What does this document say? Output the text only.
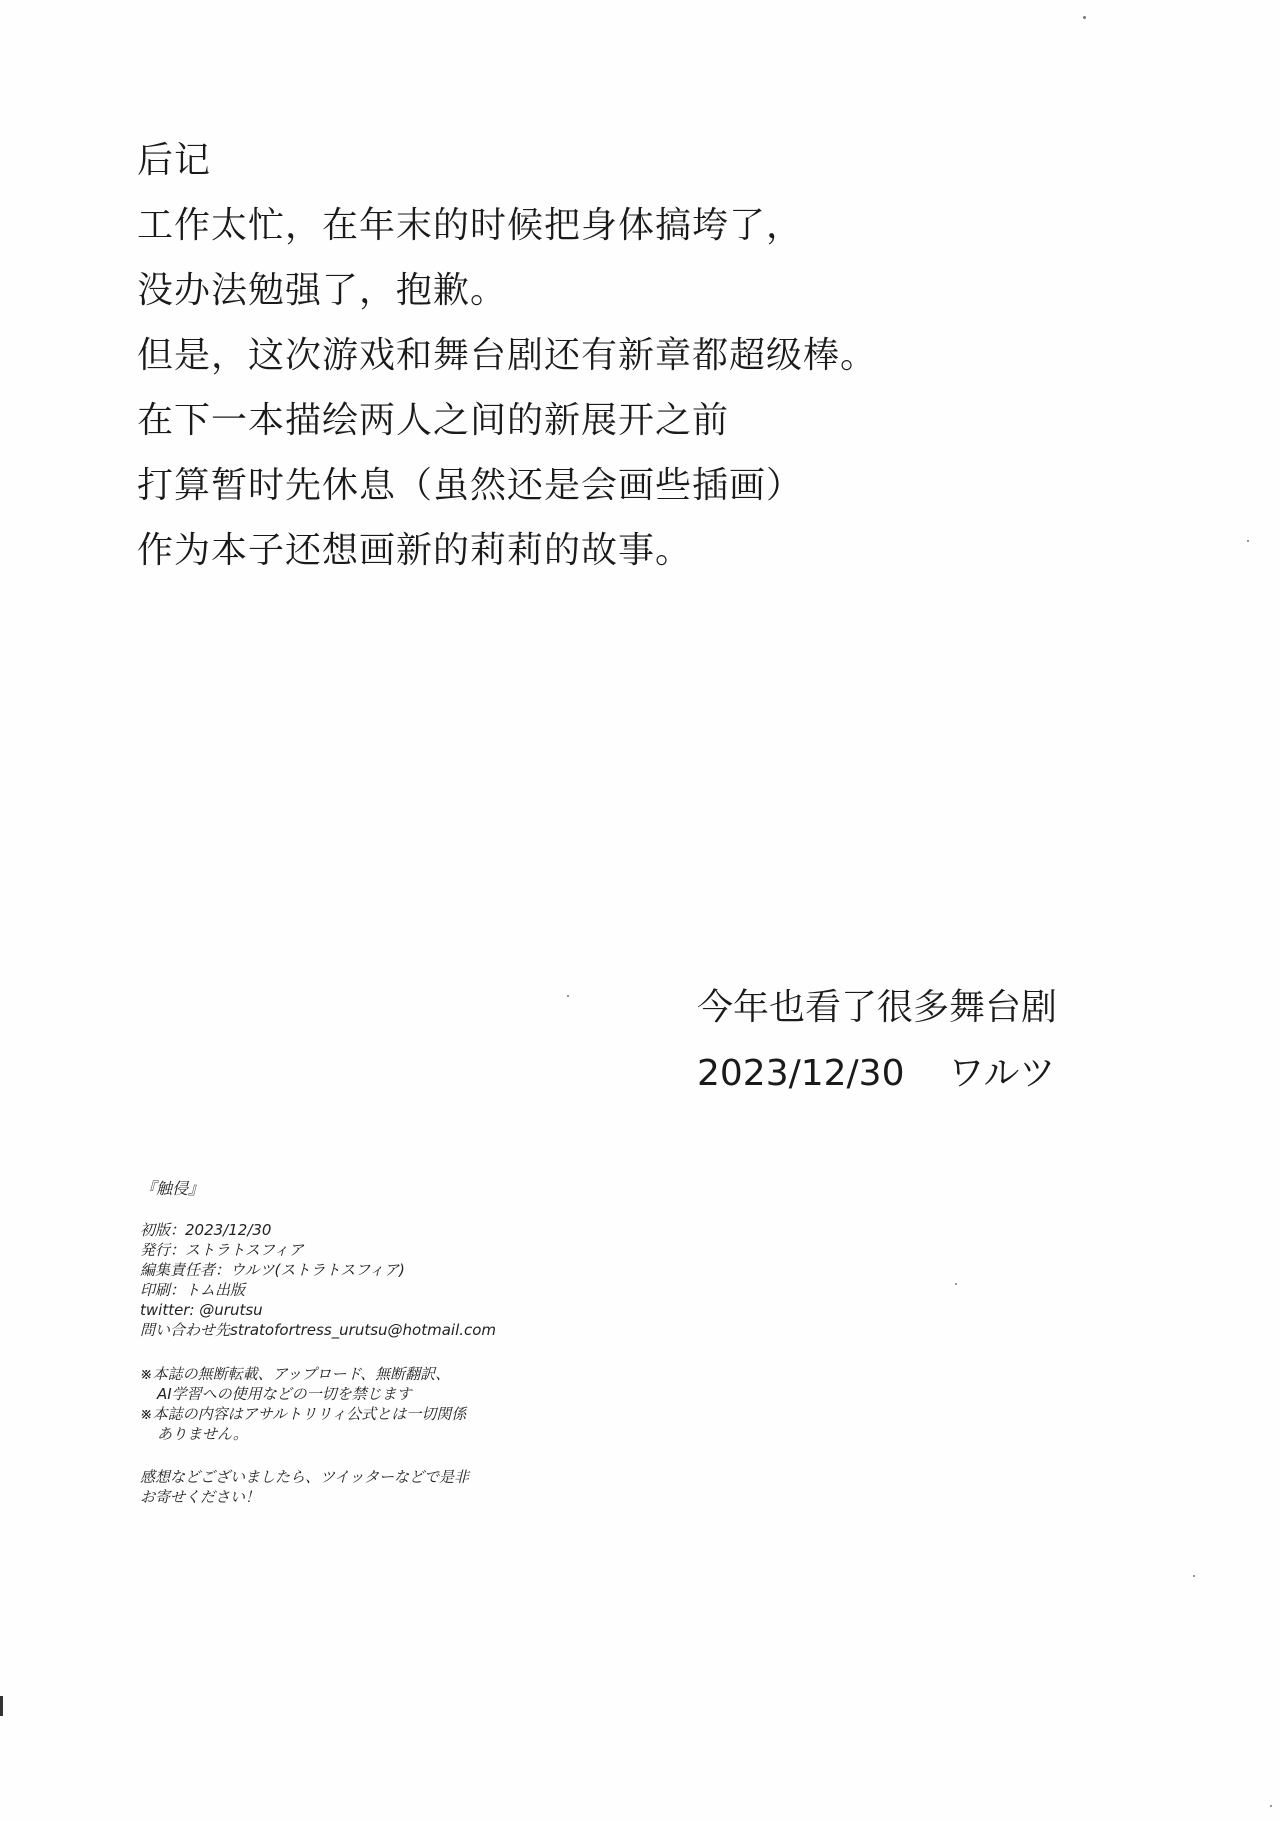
后记
工作太忙，在年末的时候把身体搞垮了，
没办法勉强了，抱歉。
但是，这次游戏和舞台剧还有新章都超级棒。
在下一本描绘两人之间的新展开之前
打算暂时先休息（虽然还是会画些插画）
作为本子还想画新的莉莉的故事。
今年也看了很多舞台剧
2023/12/30 ワルツ
『触侵』
初版：2023/12/30
発行：ストラトスフィア
編集責任者：ウルツ(ストラトスフィア)
印刷：トム出版
twitter: @urutsu
問い合わせ先stratofortress_urutsu@hotmail.com
※本誌の無断転載、アップロード、無断翻訳、
AI学習への使用などの一切を禁じます
※本誌の内容はアサルトリリィ公式とは一切関係
ありません。
感想などございましたら、ツイッターなどで是非
お寄せください！
